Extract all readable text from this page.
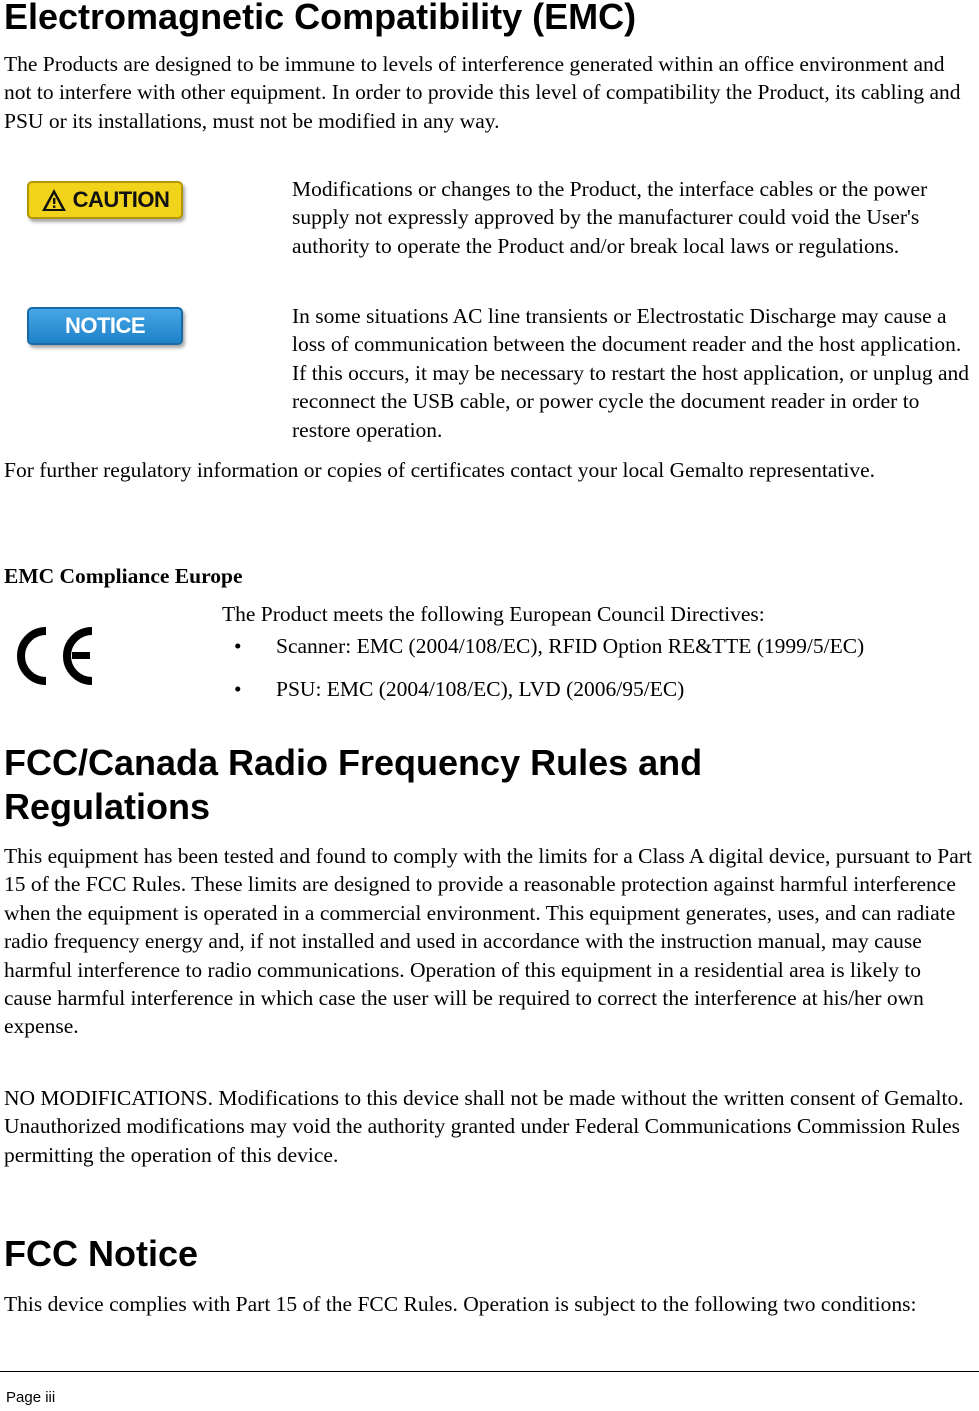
Electromagnetic Compatibility (EMC)

The Products are designed to be immune to levels of interference generated within an office environment and not to interfere with other equipment. In order to provide this level of compatibility the Product, its cabling and PSU or its installations, must not be modified in any way.

CAUTION	Modifications or changes to the Product, the interface cables or the power supply not expressly approved by the manufacturer could void the User's authority to operate the Product and/or break local laws or regulations.

NOTICE	In some situations AC line transients or Electrostatic Discharge may cause a loss of communication between the document reader and the host application. If this occurs, it may be necessary to restart the host application, or unplug and reconnect the USB cable, or power cycle the document reader in order to restore operation.

For further regulatory information or copies of certificates contact your local Gemalto representative.

EMC Compliance Europe

The Product meets the following European Council Directives:

•	Scanner: EMC (2004/108/EC), RFID Option RE&TTE (1999/5/EC)
•	PSU: EMC (2004/108/EC), LVD (2006/95/EC)
FCC/Canada Radio Frequency Rules and Regulations

This equipment has been tested and found to comply with the limits for a Class A digital device, pursuant to Part 15 of the FCC Rules. These limits are designed to provide a reasonable protection against harmful interference when the equipment is operated in a commercial environment. This equipment generates, uses, and can radiate radio frequency energy and, if not installed and used in accordance with the instruction manual, may cause harmful interference to radio communications. Operation of this equipment in a residential area is likely to cause harmful interference in which case the user will be required to correct the interference at his/her own expense.

NO MODIFICATIONS. Modifications to this device shall not be made without the written consent of Gemalto. Unauthorized modifications may void the authority granted under Federal Communications Commission Rules permitting the operation of this device.

FCC Notice

This device complies with Part 15 of the FCC Rules. Operation is subject to the following two conditions:

Page iii
